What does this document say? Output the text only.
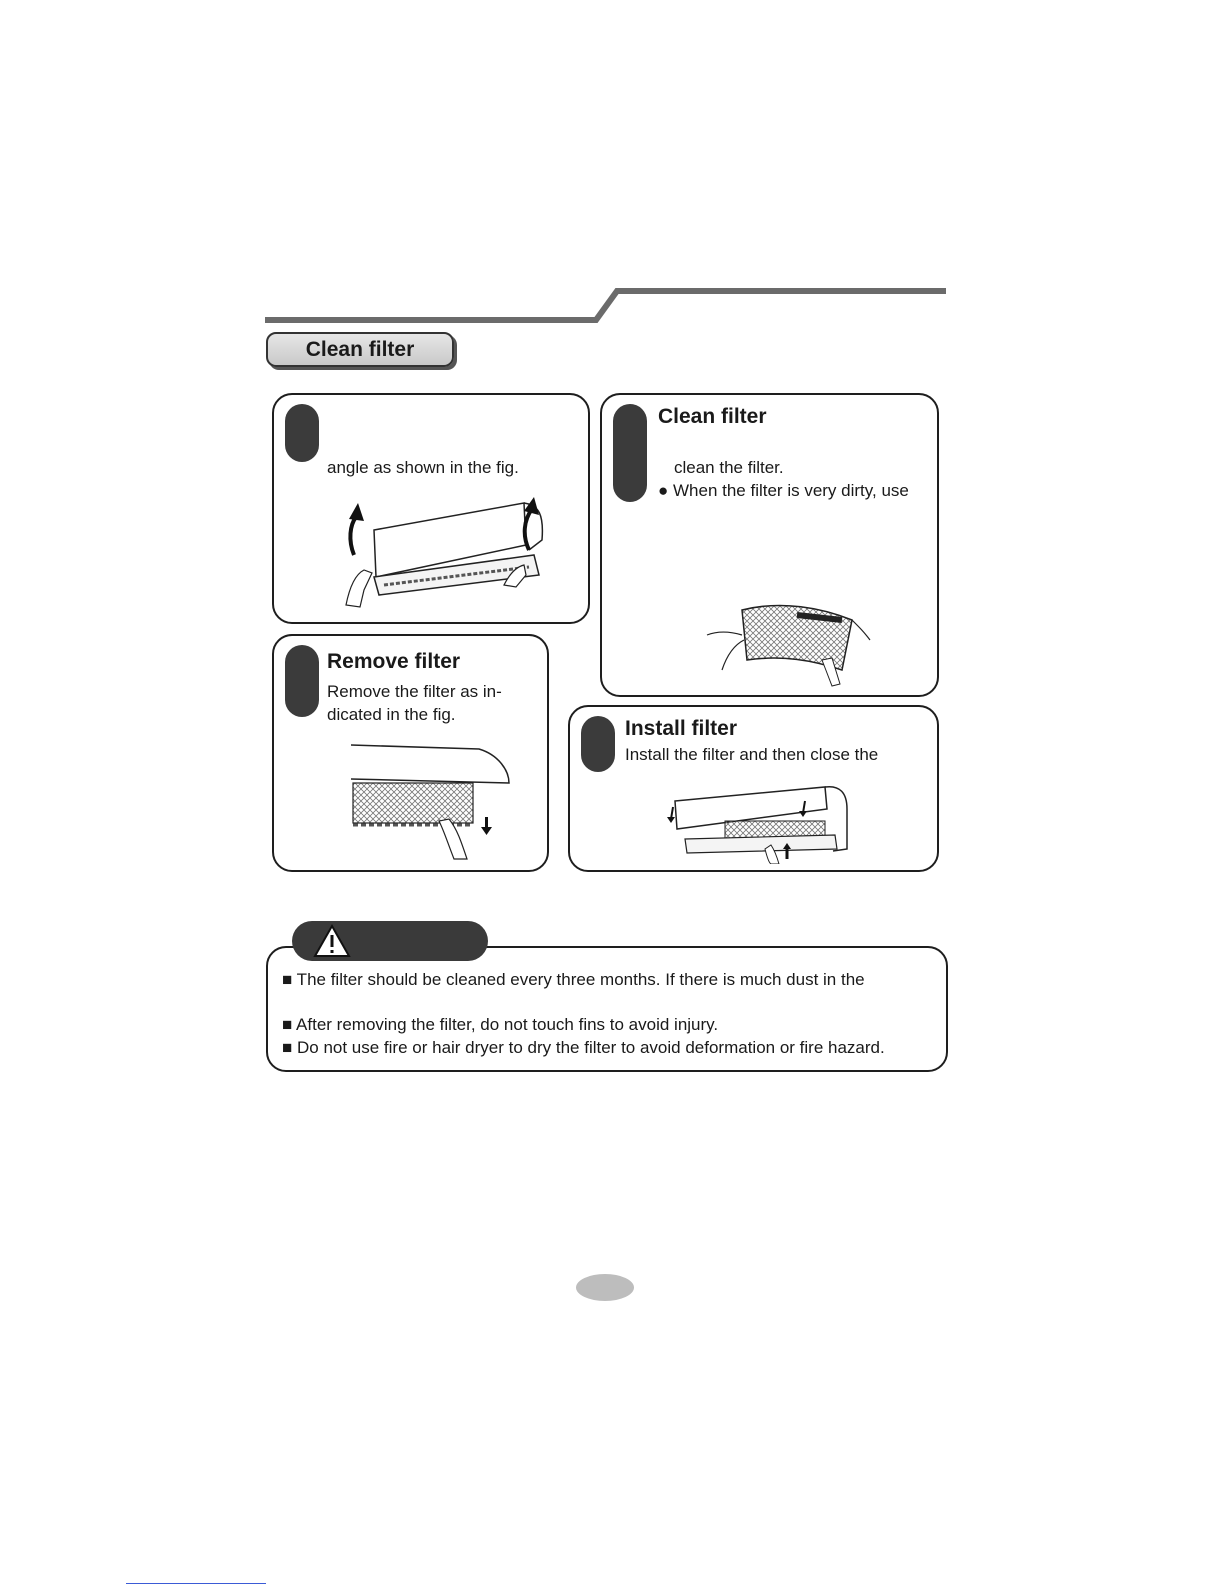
Clean filter
angle as shown in the fig.
Clean filter
clean the filter.
● When the filter is very dirty, use
Remove filter
Remove the filter as in-
dicated in the fig.
Install filter
Install the filter and then close the
■ The filter should be cleaned every three months. If there is much dust in the
■ After removing the filter, do not touch fins to avoid injury.
■ Do not use fire or hair dryer to dry the filter to avoid deformation or fire hazard.
